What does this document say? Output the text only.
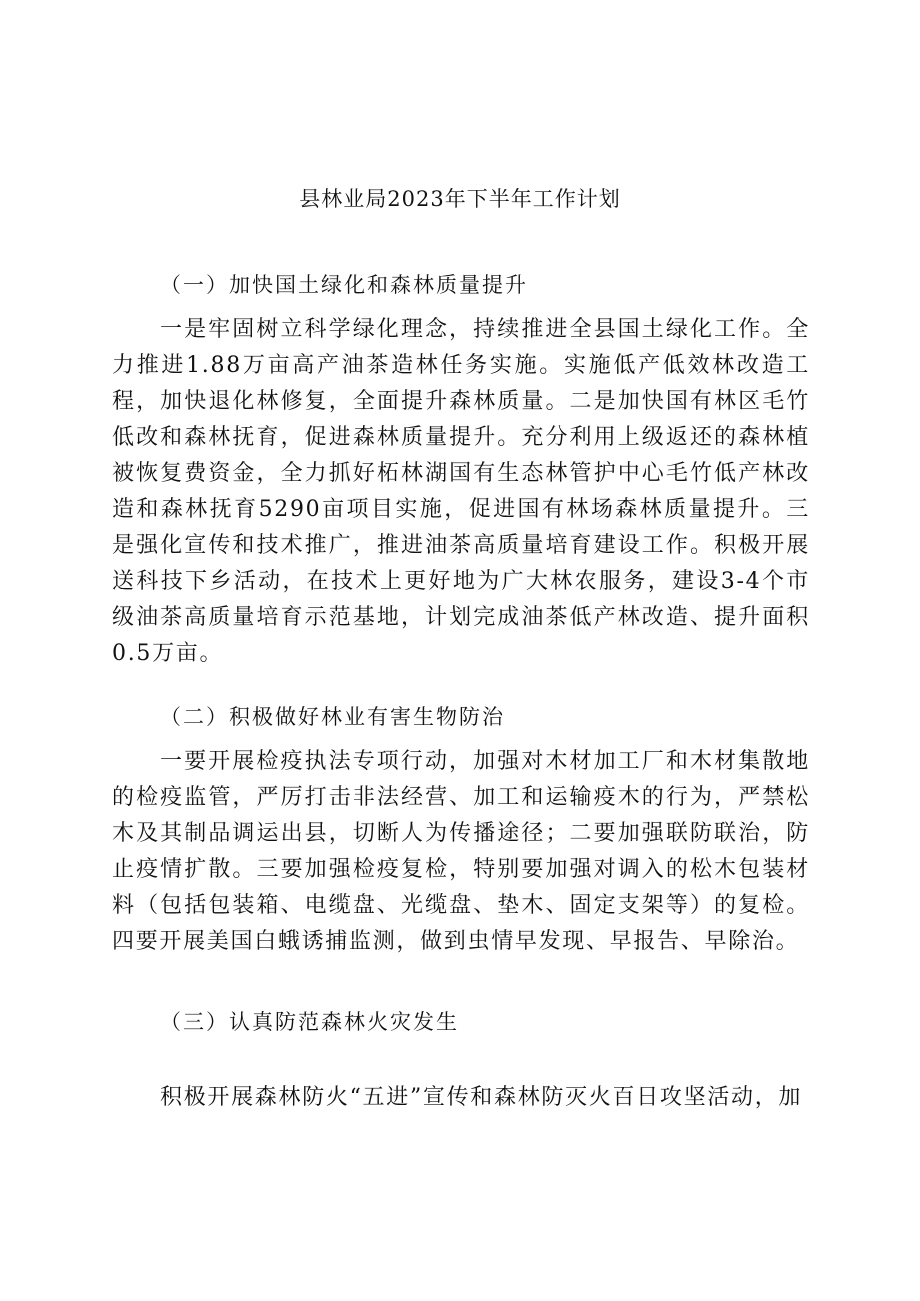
县林业局2023年下半年工作计划
（一）加快国土绿化和森林质量提升

一是牢固树立科学绿化理念，持续推进全县国土绿化工作。全力推进1.88万亩高产油茶造林任务实施。实施低产低效林改造工程，加快退化林修复，全面提升森林质量。二是加快国有林区毛竹低改和森林抚育，促进森林质量提升。充分利用上级返还的森林植被恢复费资金，全力抓好柘林湖国有生态林管护中心毛竹低产林改造和森林抚育5290亩项目实施，促进国有林场森林质量提升。三是强化宣传和技术推广，推进油茶高质量培育建设工作。积极开展送科技下乡活动，在技术上更好地为广大林农服务，建设3-4个市级油茶高质量培育示范基地，计划完成油茶低产林改造、提升面积0.5万亩。

（二）积极做好林业有害生物防治

一要开展检疫执法专项行动，加强对木材加工厂和木材集散地的检疫监管，严厉打击非法经营、加工和运输疫木的行为，严禁松木及其制品调运出县，切断人为传播途径；二要加强联防联治，防止疫情扩散。三要加强检疫复检，特别要加强对调入的松木包装材料（包括包装箱、电缆盘、光缆盘、垫木、固定支架等）的复检。四要开展美国白蛾诱捕监测，做到虫情早发现、早报告、早除治。

（三）认真防范森林火灾发生

积极开展森林防火“五进”宣传和森林防灭火百日攻坚活动，加
